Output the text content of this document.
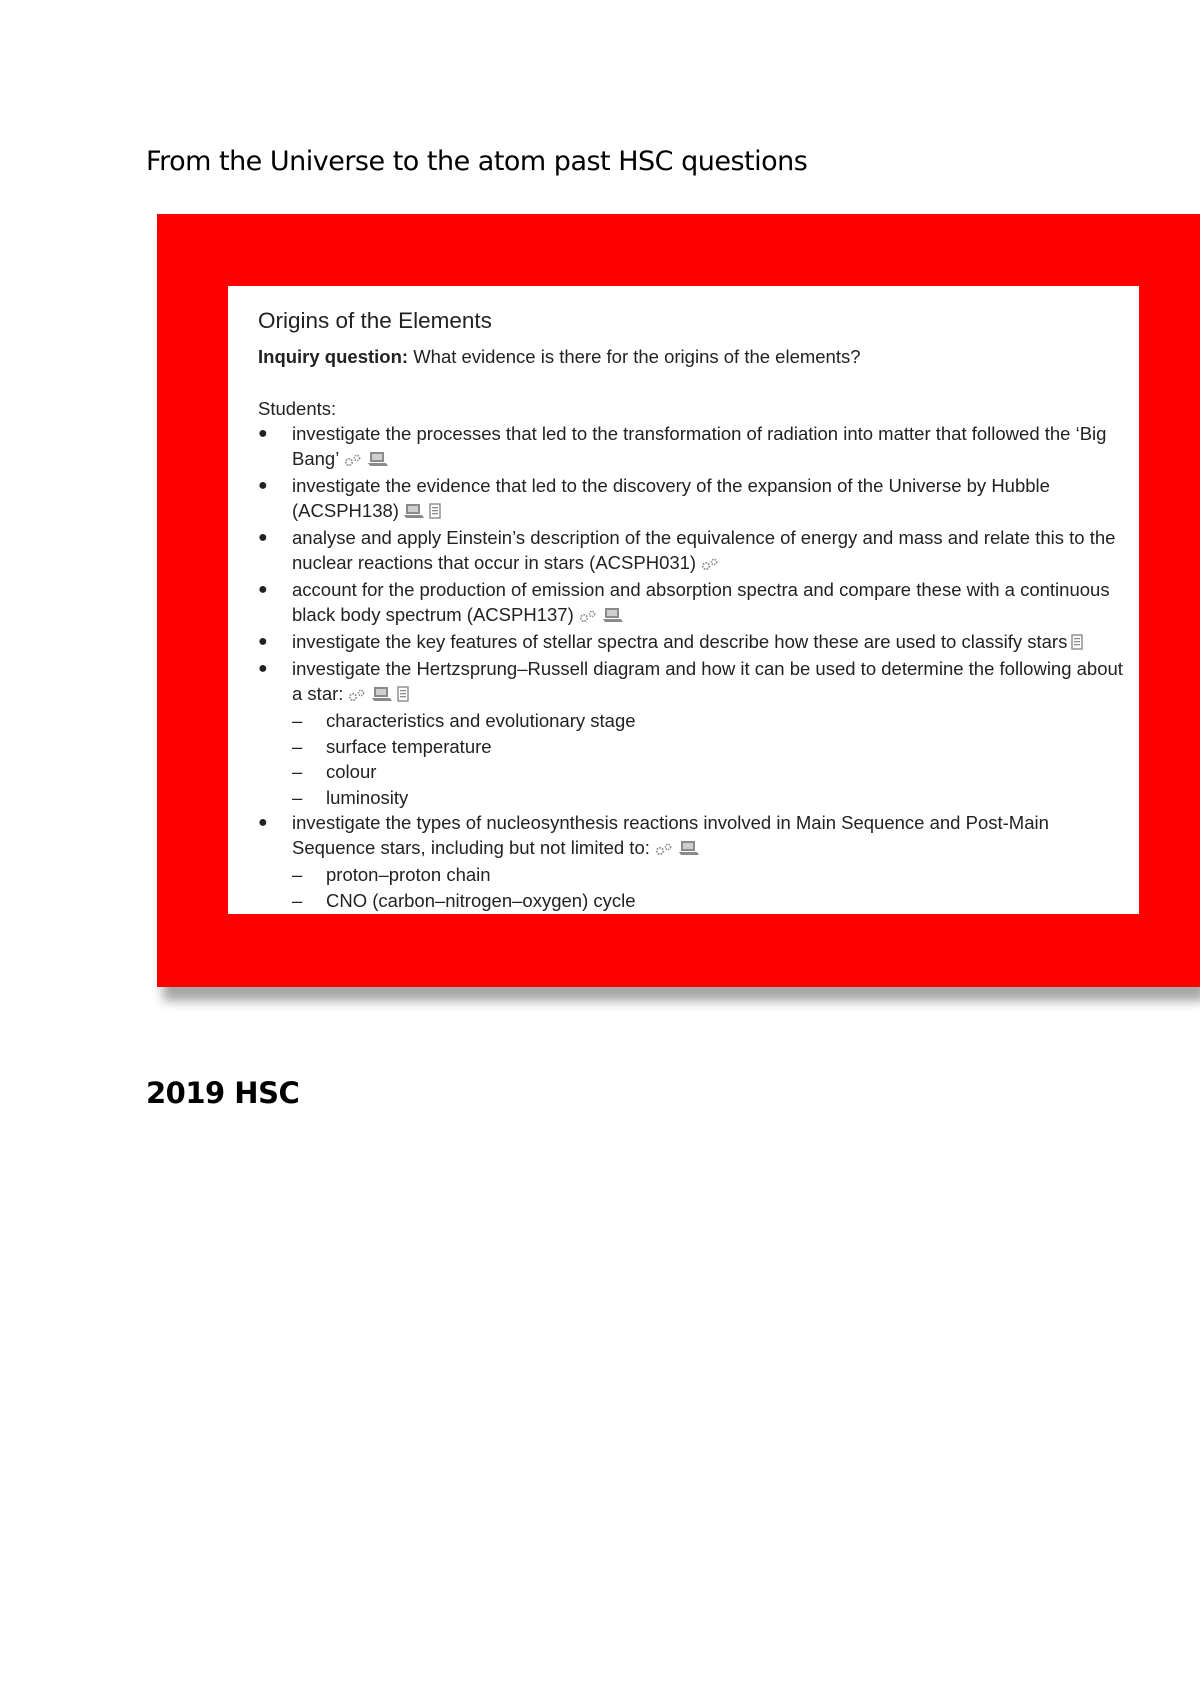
From the Universe to the atom past HSC questions
Origins of the Elements
Inquiry question: What evidence is there for the origins of the elements?
Students:
● investigate the processes that led to the transformation of radiation into matter that followed the ‘Big Bang’
● investigate the evidence that led to the discovery of the expansion of the Universe by Hubble (ACSPH138)
● analyse and apply Einstein’s description of the equivalence of energy and mass and relate this to the nuclear reactions that occur in stars (ACSPH031)
● account for the production of emission and absorption spectra and compare these with a continuous black body spectrum (ACSPH137)
● investigate the key features of stellar spectra and describe how these are used to classify stars
● investigate the Hertzsprung–Russell diagram and how it can be used to determine the following about a star:
– characteristics and evolutionary stage
– surface temperature
– colour
– luminosity
● investigate the types of nucleosynthesis reactions involved in Main Sequence and Post-Main Sequence stars, including but not limited to:
– proton–proton chain
– CNO (carbon–nitrogen–oxygen) cycle
2019 HSC
